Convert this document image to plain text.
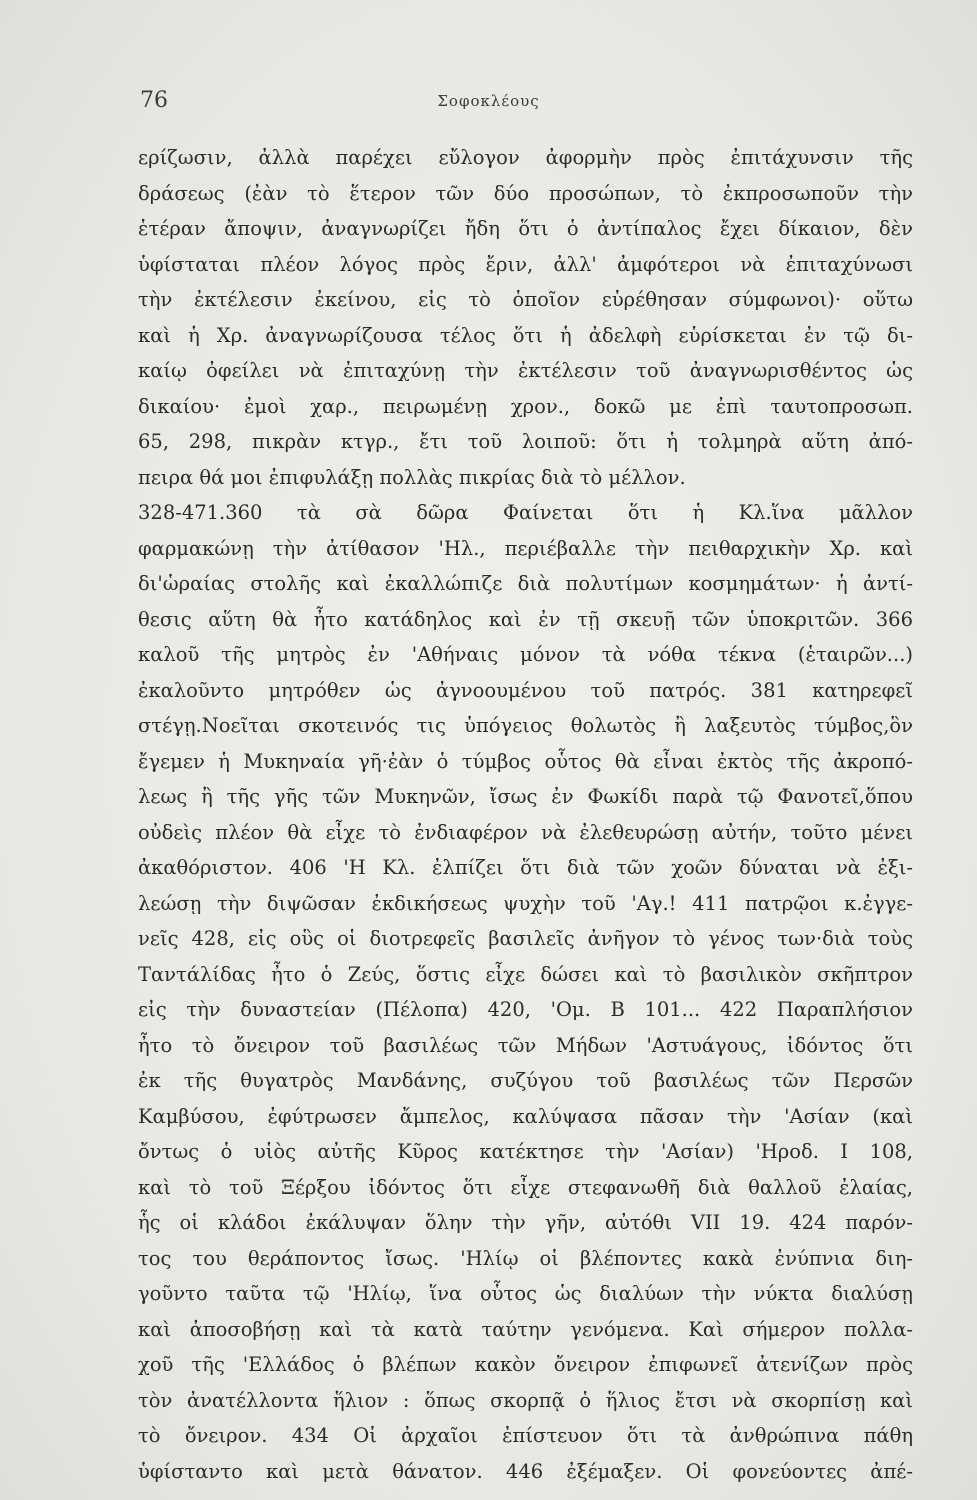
76	Σοφοκλέους
ερίζωσιν, ἀλλὰ παρέχει εὔλογον ἀφορμὴν πρὸς ἐπιτάχυνσιν τῆς
δράσεως (ἐὰν τὸ ἕτερον τῶν δύο προσώπων, τὸ ἐκπροσωποῦν τὴν
ἑτέραν ἄποψιν, ἀναγνωρίζει ἤδη ὅτι ὁ ἀντίπαλος ἔχει δίκαιον, δὲν
ὑφίσταται πλέον λόγος πρὸς ἔριν, ἀλλ' ἀμφότεροι νὰ ἐπιταχύνωσι
τὴν ἐκτέλεσιν ἐκείνου, εἰς τὸ ὁποῖον εὑρέθησαν σύμφωνοι)· οὕτω
καὶ ἡ Χρ. ἀναγνωρίζουσα τέλος ὅτι ἡ ἀδελφὴ εὑρίσκεται ἐν τῷ δι-
καίῳ ὀφείλει νὰ ἐπιταχύνῃ τὴν ἐκτέλεσιν τοῦ ἀναγνωρισθέντος ὡς
δικαίου· ἐμοὶ χαρ., πειρωμένῃ χρον., δοκῶ με ἐπὶ ταυτοπροσωπ.
65, 298, πικρὰν κτγρ., ἔτι τοῦ λοιποῦ: ὅτι ἡ τολμηρὰ αὕτη ἀπό-
πειρα θά μοι ἐπιφυλάξῃ πολλὰς πικρίας διὰ τὸ μέλλον.
328-471.360 τὰ σὰ δῶρα Φαίνεται ὅτι ἡ Κλ.ἵνα μᾶλλον
φαρμακώνῃ τὴν ἀτίθασον 'Ηλ., περιέβαλλε τὴν πειθαρχικὴν Χρ. καὶ
δι'ὡραίας στολῆς καὶ ἐκαλλώπιζε διὰ πολυτίμων κοσμημάτων· ἡ ἀντί-
θεσις αὕτη θὰ ἦτο κατάδηλος καὶ ἐν τῇ σκευῇ τῶν ὑποκριτῶν. 366
καλοῦ τῆς μητρὸς ἐν 'Αθήναις μόνον τὰ νόθα τέκνα (ἑταιρῶν...)
ἐκαλοῦντο μητρόθεν ὡς ἀγνοουμένου τοῦ πατρός. 381 κατηρεφεῖ
στέγῃ.Νοεῖται σκοτεινός τις ὑπόγειος θολωτὸς ἢ λαξευτὸς τύμβος,ὃν
ἔγεμεν ἡ Μυκηναία γῆ·ἐὰν ὁ τύμβος οὗτος θὰ εἶναι ἐκτὸς τῆς ἀκροπό-
λεως ἢ τῆς γῆς τῶν Μυκηνῶν, ἴσως ἐν Φωκίδι παρὰ τῷ Φανοτεῖ,ὅπου
οὐδεὶς πλέον θὰ εἶχε τὸ ἐνδιαφέρον νὰ ἐλεθευρώσῃ αὐτήν, τοῦτο μένει
ἀκαθόριστον. 406 'Η Κλ. ἐλπίζει ὅτι διὰ τῶν χοῶν δύναται νὰ ἐξι-
λεώσῃ τὴν διψῶσαν ἐκδικήσεως ψυχὴν τοῦ 'Αγ.! 411 πατρῷοι κ.ἐγγε-
νεῖς 428, εἰς οὓς οἱ διοτρεφεῖς βασιλεῖς ἀνῆγον τὸ γένος των·διὰ τοὺς
Ταντάλίδας ἦτο ὁ Ζεύς, ὅστις εἶχε δώσει καὶ τὸ βασιλικὸν σκῆπτρον
εἰς τὴν δυναστείαν (Πέλοπα) 420, 'Ομ. Β 101... 422 Παραπλήσιον
ἦτο τὸ ὄνειρον τοῦ βασιλέως τῶν Μήδων 'Αστυάγους, ἰδόντος ὅτι
ἐκ τῆς θυγατρὸς Μανδάνης, συζύγου τοῦ βασιλέως τῶν Περσῶν
Καμβύσου, ἐφύτρωσεν ἄμπελος, καλύψασα πᾶσαν τὴν 'Ασίαν (καὶ
ὄντως ὁ υἱὸς αὐτῆς Κῦρος κατέκτησε τὴν 'Ασίαν) 'Ηροδ. Ι 108,
καὶ τὸ τοῦ Ξέρξου ἰδόντος ὅτι εἶχε στεφανωθῆ διὰ θαλλοῦ ἐλαίας,
ἧς οἱ κλάδοι ἐκάλυψαν ὅλην τὴν γῆν, αὐτόθι VII 19. 424 παρόν-
τος του θεράποντος ἴσως. 'Ηλίῳ οἱ βλέποντες κακὰ ἐνύπνια διη-
γοῦντο ταῦτα τῷ 'Ηλίῳ, ἵνα οὗτος ὡς διαλύων τὴν νύκτα διαλύσῃ
καὶ ἀποσοβήσῃ καὶ τὰ κατὰ ταύτην γενόμενα. Καὶ σήμερον πολλα-
χοῦ τῆς 'Ελλάδος ὁ βλέπων κακὸν ὄνειρον ἐπιφωνεῖ ἀτενίζων πρὸς
τὸν ἀνατέλλοντα ἥλιον : ὅπως σκορπᾷ ὁ ἥλιος ἔτσι νὰ σκορπίσῃ καὶ
τὸ ὄνειρον. 434 Οἱ ἀρχαῖοι ἐπίστευον ὅτι τὰ ἀνθρώπινα πάθη
ὑφίσταντο καὶ μετὰ θάνατον. 446 ἐξέμαξεν. Οἱ φονεύοντες ἀπέ-
